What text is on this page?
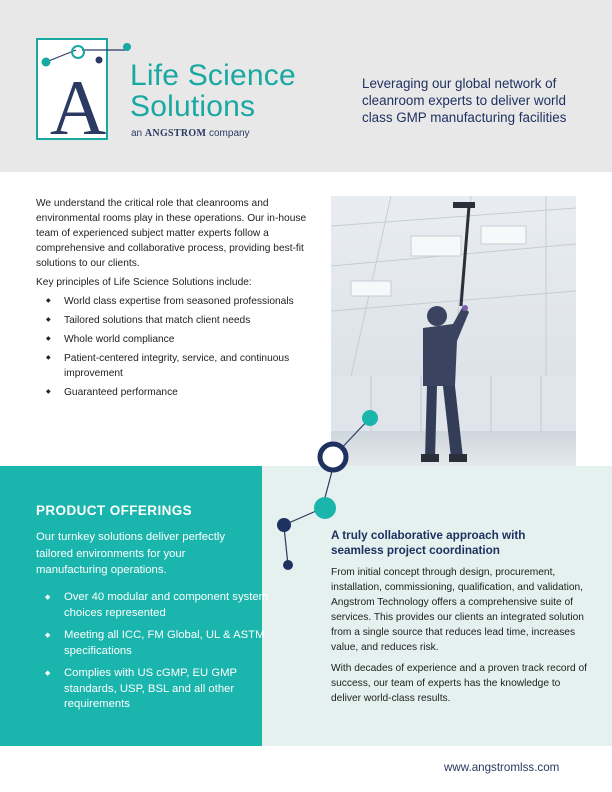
A Life Science
Solutions
an ANGSTROM company
Leveraging our global network of cleanroom experts to deliver world class GMP manufacturing facilities

We understand the critical role that cleanrooms and environmental rooms play in these operations. Our in-house team of experienced subject matter experts follow a comprehensive and collaborative process, providing best-fit solutions to our clients.

Key principles of Life Science Solutions include:

◆ World class expertise from seasoned professionals
◆ Tailored solutions that match client needs
◆ Whole world compliance
◆ Patient-centered integrity, service, and continuous improvement
◆ Guaranteed performance
PRODUCT OFFERINGS
Our turnkey solutions deliver perfectly tailored environments for your manufacturing operations.
◆ Over 40 modular and component system choices represented
◆ Meeting all ICC, FM Global, UL & ASTM specifications
◆ Complies with US cGMP, EU GMP standards, USP, BSL and all other requirements
A truly collaborative approach with seamless project coordination

From initial concept through design, procurement, installation, commissioning, qualification, and validation, Angstrom Technology offers a comprehensive suite of services. This provides our clients an integrated solution from a single source that reduces lead time, increases value, and reduces risk.

With decades of experience and a proven track record of success, our team of experts has the knowledge to deliver world-class results.

www.angstromlss.com
